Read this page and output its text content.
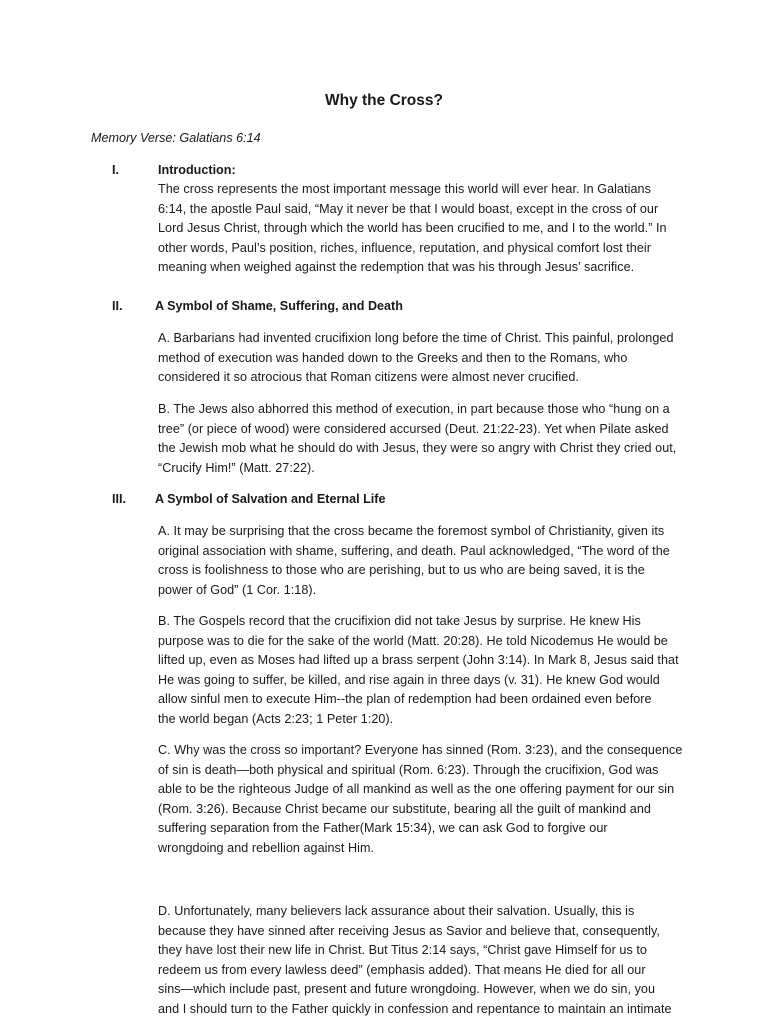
Why the Cross?
Memory Verse: Galatians 6:14
I.	Introduction:
The cross represents the most important message this world will ever hear. In Galatians
6:14, the apostle Paul said, “May it never be that I would boast, except in the cross of our
Lord Jesus Christ, through which the world has been crucified to me, and I to the world.” In
other words, Paul’s position, riches, influence, reputation, and physical comfort lost their
meaning when weighed against the redemption that was his through Jesus’ sacrifice.
II.	A Symbol of Shame, Suffering, and Death
A. Barbarians had invented crucifixion long before the time of Christ. This painful, prolonged
method of execution was handed down to the Greeks and then to the Romans, who
considered it so atrocious that Roman citizens were almost never crucified.
B. The Jews also abhorred this method of execution, in part because those who “hung on a
tree” (or piece of wood) were considered accursed (Deut. 21:22-23). Yet when Pilate asked
the Jewish mob what he should do with Jesus, they were so angry with Christ they cried out,
“Crucify Him!” (Matt. 27:22).
III. A Symbol of Salvation and Eternal Life
A. It may be surprising that the cross became the foremost symbol of Christianity, given its
original association with shame, suffering, and death. Paul acknowledged, “The word of the
cross is foolishness to those who are perishing, but to us who are being saved, it is the
power of God” (1 Cor. 1:18).
B. The Gospels record that the crucifixion did not take Jesus by surprise. He knew His
purpose was to die for the sake of the world (Matt. 20:28). He told Nicodemus He would be
lifted up, even as Moses had lifted up a brass serpent (John 3:14). In Mark 8, Jesus said that
He was going to suffer, be killed, and rise again in three days (v. 31). He knew God would
allow sinful men to execute Him--the plan of redemption had been ordained even before
the world began (Acts 2:23; 1 Peter 1:20).
C. Why was the cross so important? Everyone has sinned (Rom. 3:23), and the consequence
of sin is death—both physical and spiritual (Rom. 6:23). Through the crucifixion, God was
able to be the righteous Judge of all mankind as well as the one offering payment for our sin
(Rom. 3:26). Because Christ became our substitute, bearing all the guilt of mankind and
suffering separation from the Father(Mark 15:34), we can ask God to forgive our
wrongdoing and rebellion against Him.
D. Unfortunately, many believers lack assurance about their salvation. Usually, this is
because they have sinned after receiving Jesus as Savior and believe that, consequently,
they have lost their new life in Christ. But Titus 2:14 says, “Christ gave Himself for us to
redeem us from every lawless deed” (emphasis added). That means He died for all our
sins—which include past, present and future wrongdoing. However, when we do sin, you
and I should turn to the Father quickly in confession and repentance to maintain an intimate
